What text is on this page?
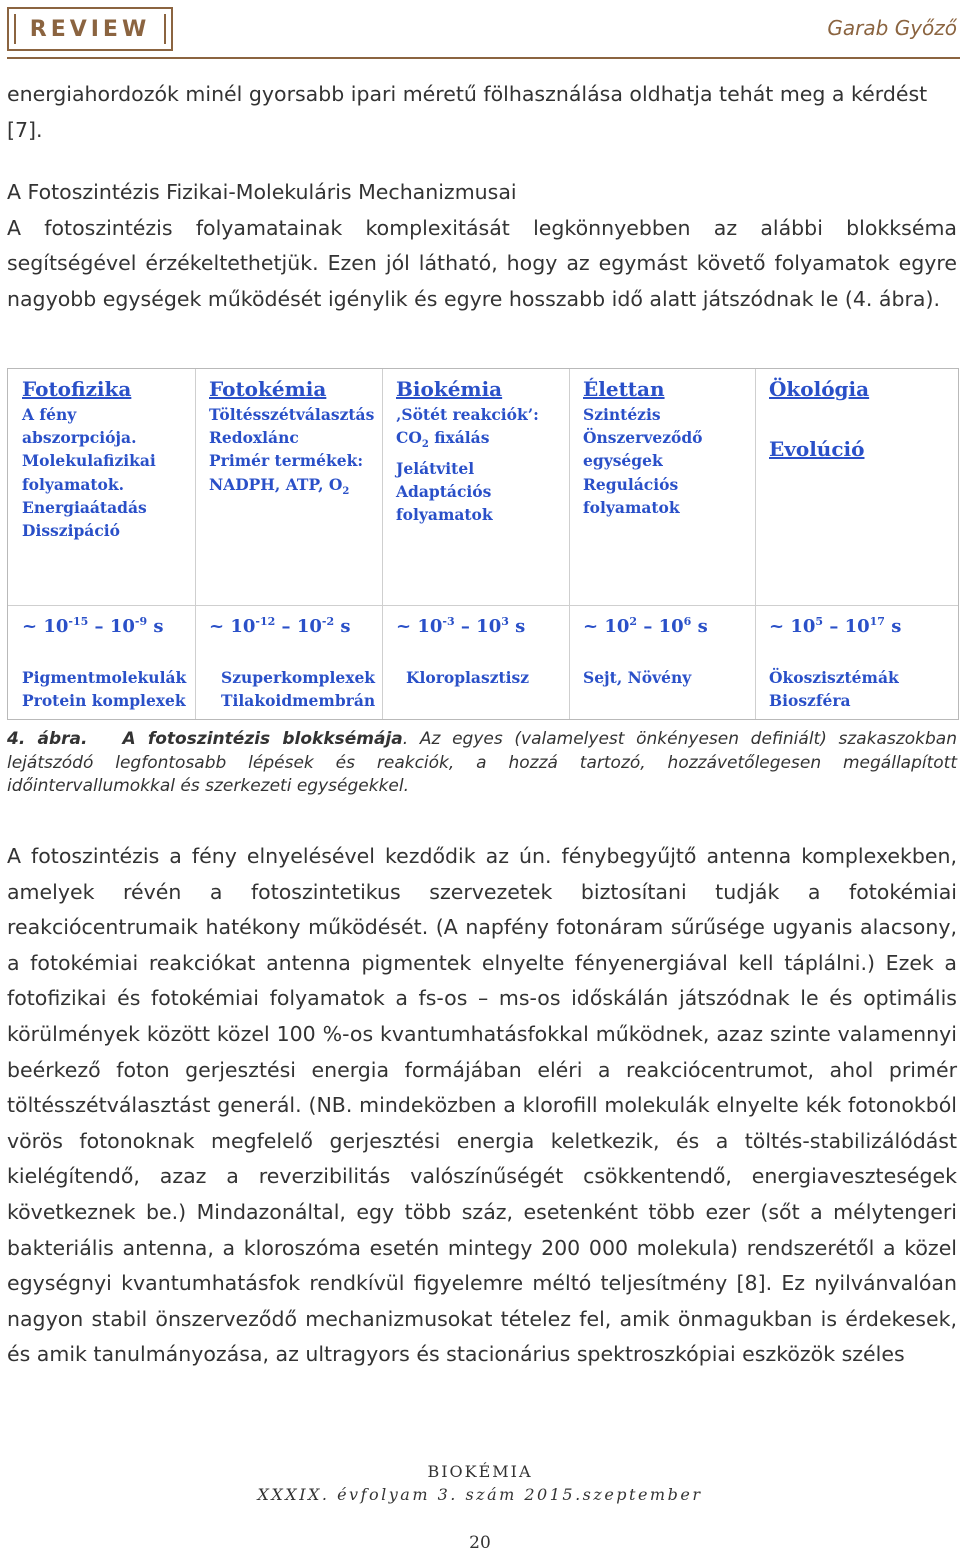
REVIEW	Garab Győző

energiahordozók minél gyorsabb ipari méretű fölhasználása oldhatja tehát meg a kérdést [7].

A Fotoszintézis Fizikai-Molekuláris Mechanizmusai
A fotoszintézis folyamatainak komplexitását legkönnyebben az alábbi blokkséma
segítségével érzékeltethetjük. Ezen jól látható, hogy az egymást követő folyamatok egyre nagyobb egységek működését igénylik és egyre hosszabb idő alatt játszódnak le (4. ábra).
Fotofizika
A fény
abszorpciója.
Molekulafizikai
folyamatok.
Energiaátadás
Disszipáció
~ $10^{-15} - 10^{-9}$ s
Pigmentmolekulák
Protein komplexek
Fotokémia
Töltésszétválasztás
Redoxlánc
Primér termékek:
NADPH, ATP, $O_2$
~ $10^{-12} - 10^{-2}$ s
Szuperkomplexek
Tilakoidmembrán
Biokémia
‚Sötét reakciók’:
$CO_2$ fixálás
Jelátvitel
Adaptációs
folyamatok
~ $10^{-3} - 10^3$ s
Kloroplasztisz
Élettan
Szintézis
Önszerveződő
egységek
Regulációs
folyamatok
~ $10^2 - 10^6$ s
Sejt, Növény
Ökológia
Evolúció
~ $10^5 - 10^{17}$ s
Ökoszisztémák
Bioszféra

4. ábra. A fotoszintézis blokksémája. Az egyes (valamelyest önkényesen definiált) szakaszokban lejátszódó legfontosabb lépések és reakciók, a hozzá tartozó, hozzávetőlegesen megállapított időintervallumokkal és szerkezeti egységekkel.

A fotoszintézis a fény elnyelésével kezdődik az ún. fénybegyűjtő antenna komplexekben, amelyek révén a fotoszintetikus szervezetek biztosítani tudják a fotokémiai reakciócentrumaik hatékony működését. (A napfény fotonáram sűrűsége ugyanis alacsony, a fotokémiai reakciókat antenna pigmentek elnyelte fényenergiával kell táplálni.) Ezek a fotofizikai és fotokémiai folyamatok a fs-os – ms-os időskálán játszódnak le és optimális körülmények között közel 100 %-os kvantumhatásfokkal működnek, azaz szinte valamennyi beérkező foton gerjesztési energia formájában eléri a reakciócentrumot, ahol primér töltésszétválasztást generál. (NB. mindeközben a klorofill molekulák elnyelte kék fotonokból vörös fotonoknak megfelelő gerjesztési energia keletkezik, és a töltés-stabilizálódást kielégítendő, azaz a reverzibilitás valószínűségét csökkentendő, energiaveszteségek következnek be.) Mindazonáltal, egy több száz, esetenként több ezer (sőt a mélytengeri bakteriális antenna, a kloroszóma esetén mintegy 200 000 molekula) rendszerétől a közel egységnyi kvantumhatásfok rendkívül figyelemre méltó teljesítmény [8]. Ez nyilvánvalóan nagyon stabil önszerveződő mechanizmusokat tételez fel, amik önmagukban is érdekesek, és amik tanulmányozása, az ultragyors és stacionárius spektroszkópiai eszközök széles

BIOKÉMIA
XXXIX. évfolyam 3. szám 2015.szeptember
20
